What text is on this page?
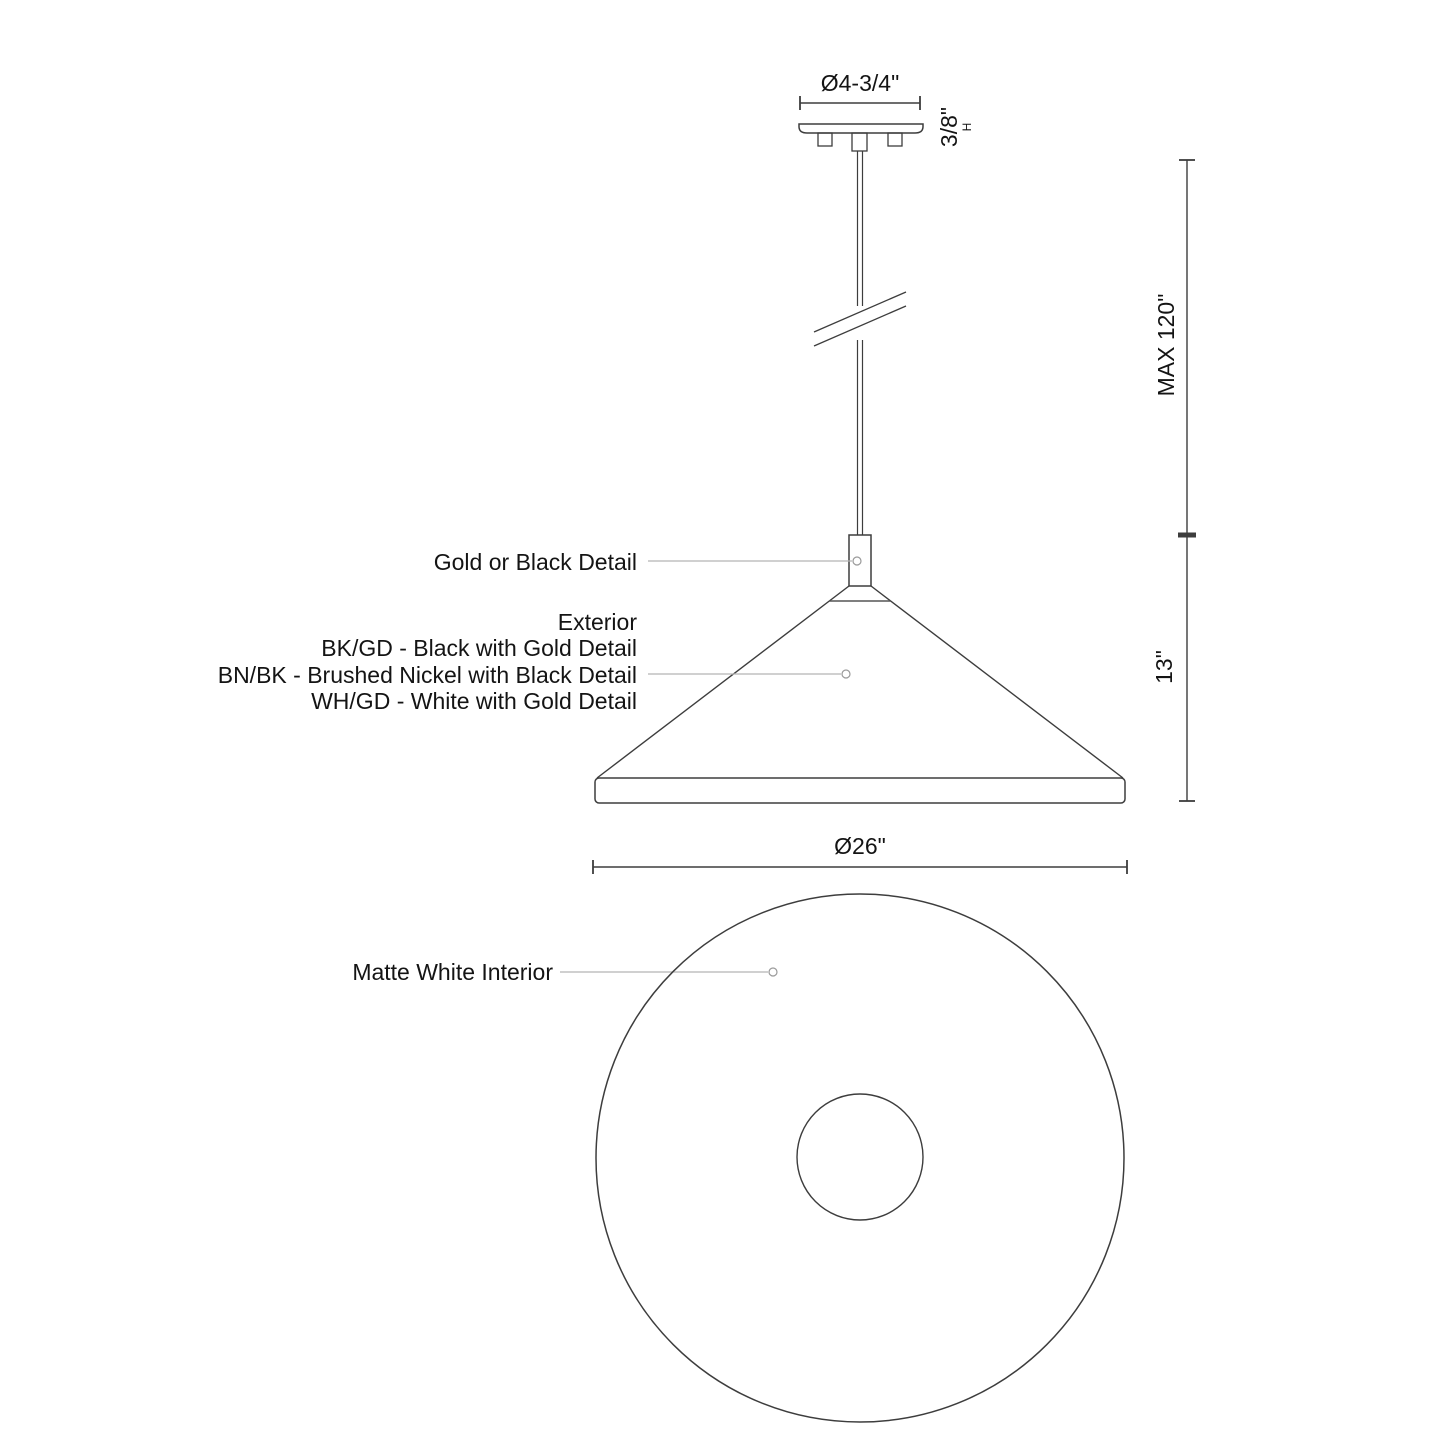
Ø4-3/4"
3/8"
H
MAX 120"
13"
Ø26"
Gold or Black Detail
Exterior
BK/GD - Black with Gold Detail
BN/BK - Brushed Nickel with Black Detail
WH/GD - White with Gold Detail
Matte White Interior
